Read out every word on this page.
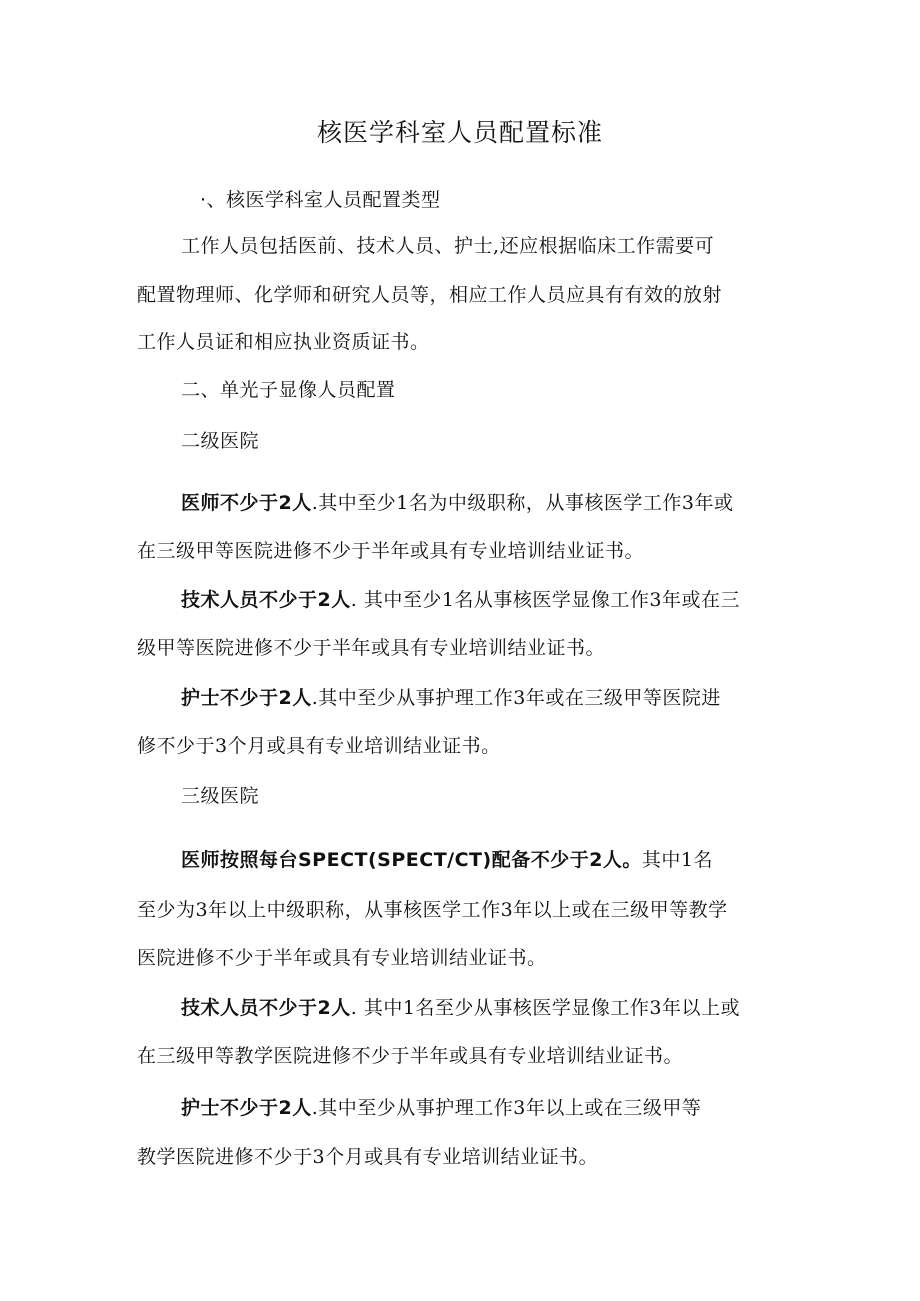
核医学科室人员配置标准
·、核医学科室人员配置类型
工作人员包括医前、技术人员、护士,还应根据临床工作需要可
配置物理师、化学师和研究人员等，相应工作人员应具有有效的放射
工作人员证和相应执业资质证书。
二、单光子显像人员配置
二级医院
医师不少于2人.其中至少1名为中级职称，从事核医学工作3年或
在三级甲等医院进修不少于半年或具有专业培训结业证书。
技术人员不少于2人. 其中至少1名从事核医学显像工作3年或在三
级甲等医院进修不少于半年或具有专业培训结业证书。
护士不少于2人.其中至少从事护理工作3年或在三级甲等医院进
修不少于3个月或具有专业培训结业证书。
三级医院
医师按照每台SPECT(SPECT/CT)配备不少于2人。其中1名
至少为3年以上中级职称，从事核医学工作3年以上或在三级甲等教学
医院进修不少于半年或具有专业培训结业证书。
技术人员不少于2人. 其中1名至少从事核医学显像工作3年以上或
在三级甲等教学医院进修不少于半年或具有专业培训结业证书。
护士不少于2人.其中至少从事护理工作3年以上或在三级甲等
教学医院进修不少于3个月或具有专业培训结业证书。
